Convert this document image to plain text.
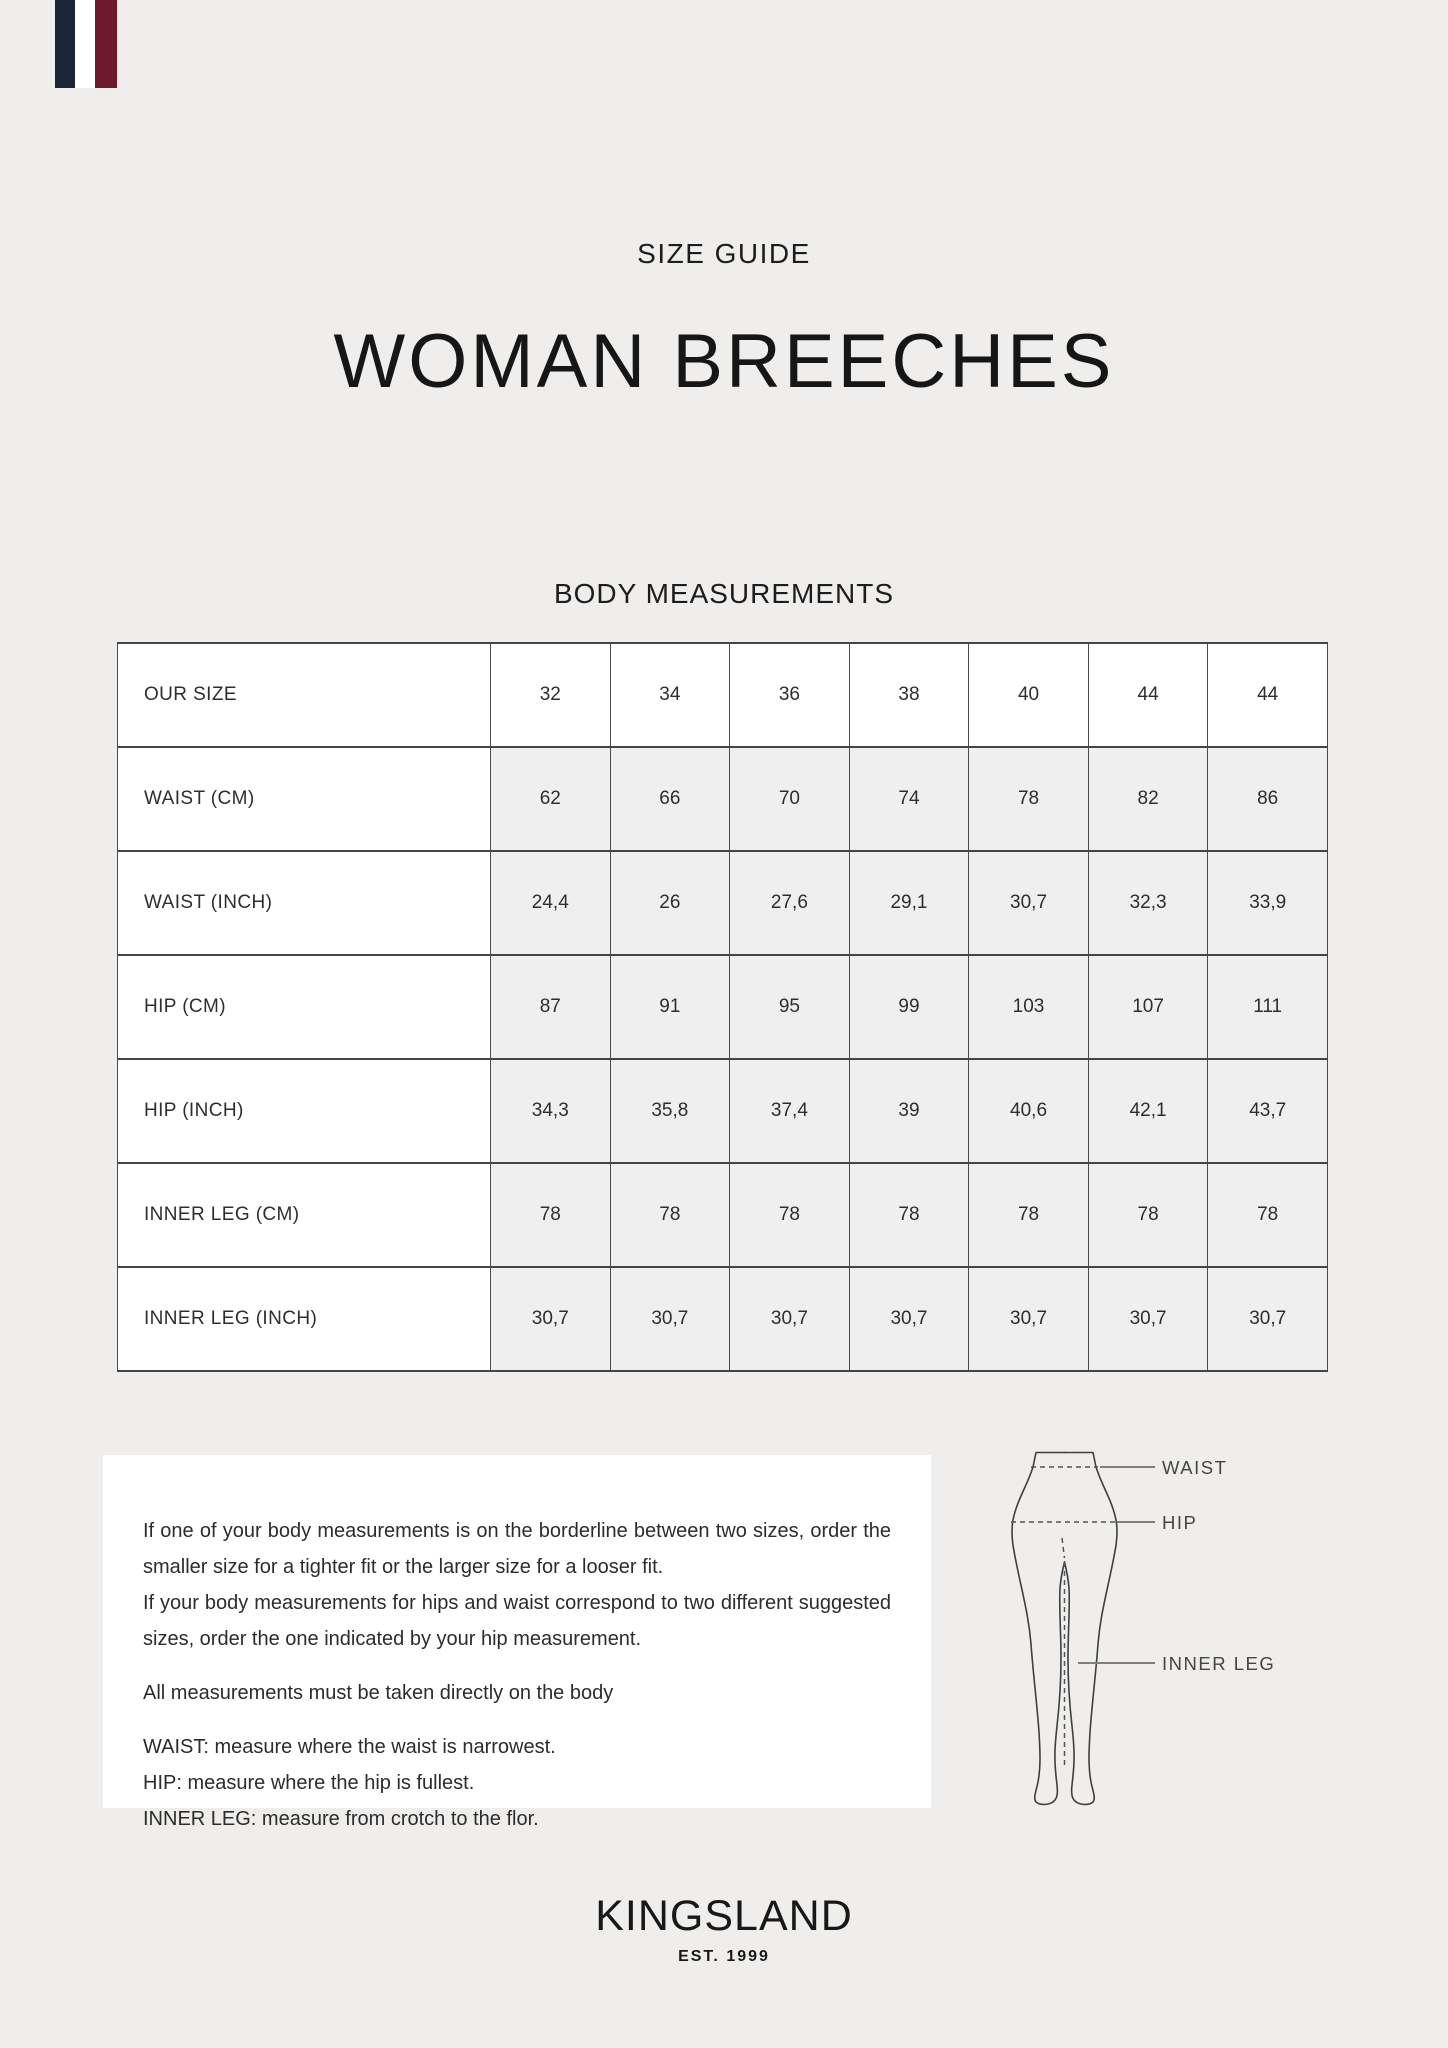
SIZE GUIDE
WOMAN BREECHES
BODY MEASUREMENTS
OUR SIZE	32	34	36	38	40	44	44
WAIST (CM)	62	66	70	74	78	82	86
WAIST (INCH)	24,4	26	27,6	29,1	30,7	32,3	33,9
HIP (CM)	87	91	95	99	103	107	111
HIP (INCH)	34,3	35,8	37,4	39	40,6	42,1	43,7
INNER LEG (CM)	78	78	78	78	78	78	78
INNER LEG (INCH)	30,7	30,7	30,7	30,7	30,7	30,7	30,7
If one of your body measurements is on the borderline between two sizes, order the smaller size for a tighter fit or the larger size for a looser fit.
If your body measurements for hips and waist correspond to two different suggested sizes, order the one indicated by your hip measurement.
All measurements must be taken directly on the body
WAIST: measure where the waist is narrowest.
HIP: measure where the hip is fullest.
INNER LEG: measure from crotch to the flor.
WAIST
HIP
INNER LEG
KINGSLAND
EST. 1999
